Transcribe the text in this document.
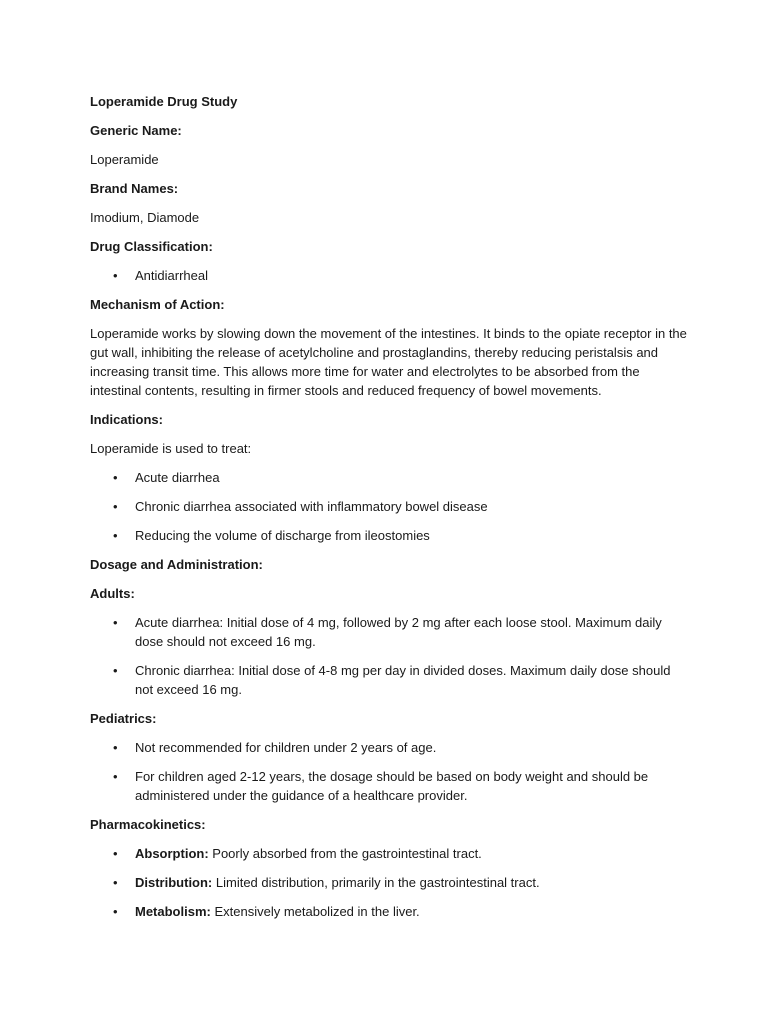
Loperamide Drug Study

Generic Name:

Loperamide

Brand Names:

Imodium, Diamode

Drug Classification:

• Antidiarrheal

Mechanism of Action:

Loperamide works by slowing down the movement of the intestines. It binds to the opiate receptor in the gut wall, inhibiting the release of acetylcholine and prostaglandins, thereby reducing peristalsis and increasing transit time. This allows more time for water and electrolytes to be absorbed from the intestinal contents, resulting in firmer stools and reduced frequency of bowel movements.

Indications:

Loperamide is used to treat:

• Acute diarrhea
• Chronic diarrhea associated with inflammatory bowel disease
• Reducing the volume of discharge from ileostomies

Dosage and Administration:

Adults:

• Acute diarrhea: Initial dose of 4 mg, followed by 2 mg after each loose stool. Maximum daily dose should not exceed 16 mg.
• Chronic diarrhea: Initial dose of 4-8 mg per day in divided doses. Maximum daily dose should not exceed 16 mg.

Pediatrics:

• Not recommended for children under 2 years of age.
• For children aged 2-12 years, the dosage should be based on body weight and should be administered under the guidance of a healthcare provider.

Pharmacokinetics:

• Absorption: Poorly absorbed from the gastrointestinal tract.
• Distribution: Limited distribution, primarily in the gastrointestinal tract.
• Metabolism: Extensively metabolized in the liver.
